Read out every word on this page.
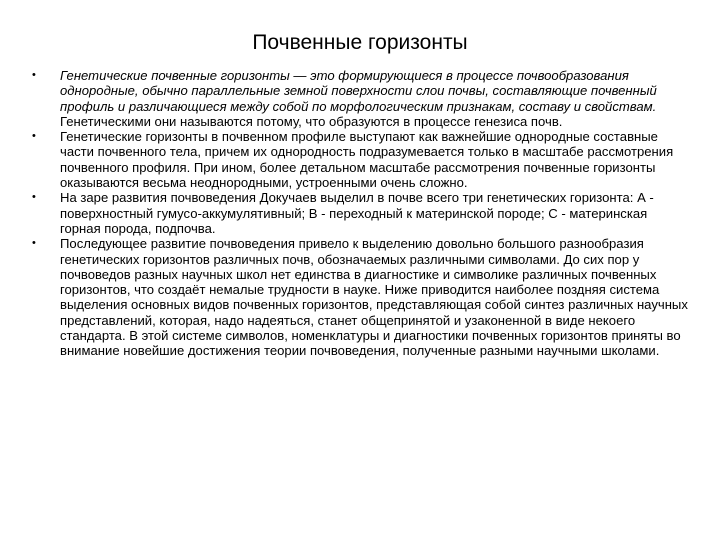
Почвенные горизонты
• Генетические почвенные горизонты — это формирующиеся в процессе почвообразования однородные, обычно параллельные земной поверхности слои почвы, составляющие почвенный профиль и различающиеся между собой по морфологическим признакам, составу и свойствам. Генетическими они называются потому, что образуются в процессе генезиса почв.
• Генетические горизонты в почвенном профиле выступают как важнейшие однородные составные части почвенного тела, причем их однородность подразумевается только в масштабе рассмотрения почвенного профиля. При ином, более детальном масштабе рассмотрения почвенные горизонты оказываются весьма неоднородными, устроенными очень сложно.
• На заре развития почвоведения Докучаев выделил в почве всего три генетических горизонта: А - поверхностный гумусо-аккумулятивный; В - переходный к материнской породе; С - материнская горная порода, подпочва.
• Последующее развитие почвоведения привело к выделению довольно большого разнообразия генетических горизонтов различных почв, обозначаемых различными символами. До сих пор у почвоведов разных научных школ нет единства в диагностике и символике различных почвенных горизонтов, что создаёт немалые трудности в науке. Ниже приводится наиболее поздняя система выделения основных видов почвенных горизонтов, представляющая собой синтез различных научных представлений, которая, надо надеяться, станет общепринятой и узаконенной в виде некоего стандарта. В этой системе символов, номенклатуры и диагностики почвенных горизонтов приняты во внимание новейшие достижения теории почвоведения, полученные разными научными школами.
